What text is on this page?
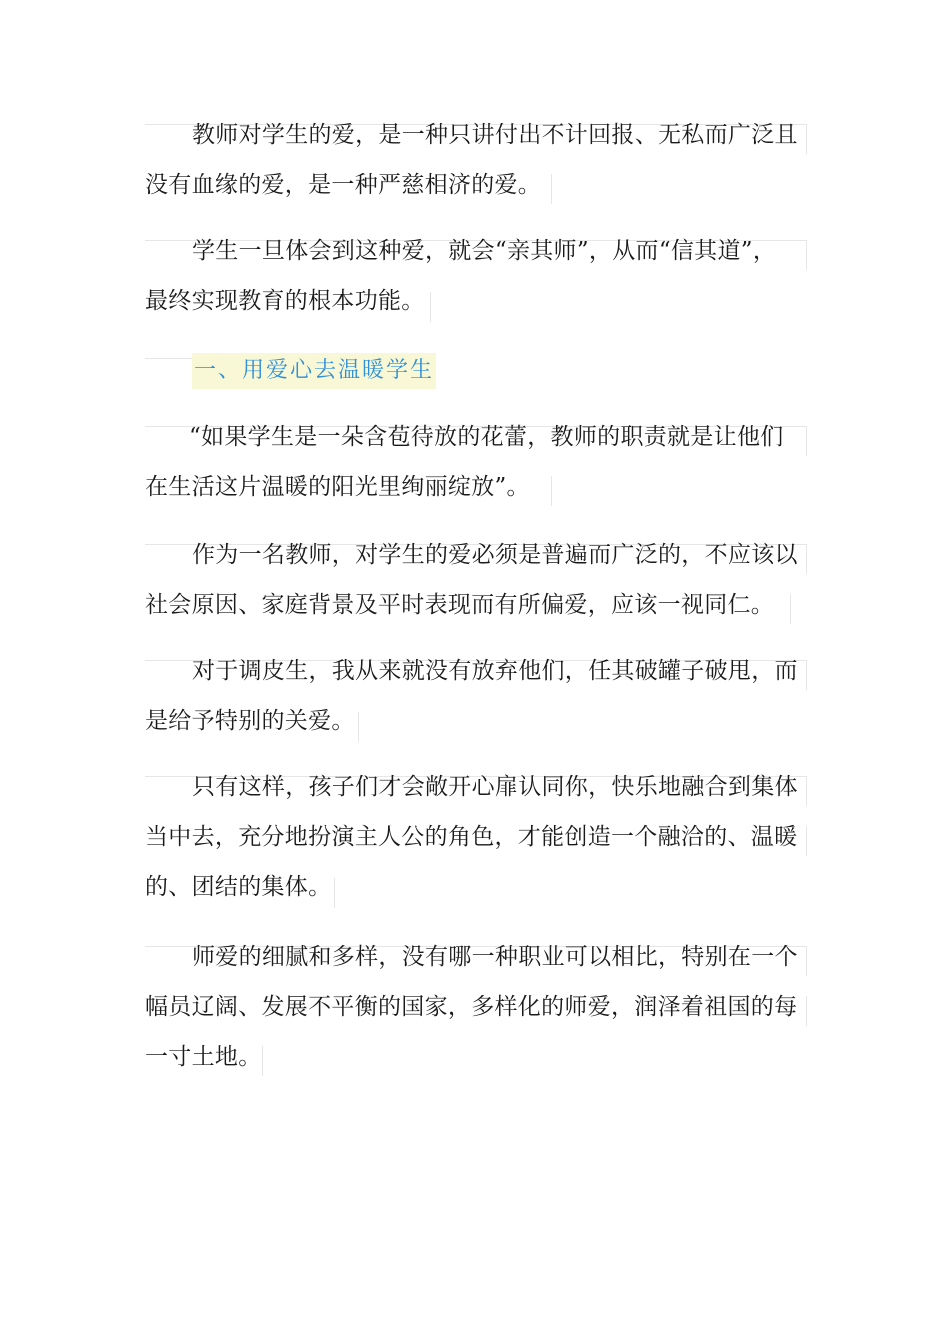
教师对学生的爱，是一种只讲付出不计回报、无私而广泛且
没有血缘的爱，是一种严慈相济的爱。
学生一旦体会到这种爱，就会“亲其师”，从而“信其道”，
最终实现教育的根本功能。
一、用爱心去温暖学生
“如果学生是一朵含苞待放的花蕾，教师的职责就是让他们
在生活这片温暖的阳光里绚丽绽放”。
作为一名教师，对学生的爱必须是普遍而广泛的，不应该以
社会原因、家庭背景及平时表现而有所偏爱，应该一视同仁。
对于调皮生，我从来就没有放弃他们，任其破罐子破甩，而
是给予特别的关爱。
只有这样，孩子们才会敞开心扉认同你，快乐地融合到集体
当中去，充分地扮演主人公的角色，才能创造一个融洽的、温暖
的、团结的集体。
师爱的细腻和多样，没有哪一种职业可以相比，特别在一个
幅员辽阔、发展不平衡的国家，多样化的师爱，润泽着祖国的每
一寸土地。
